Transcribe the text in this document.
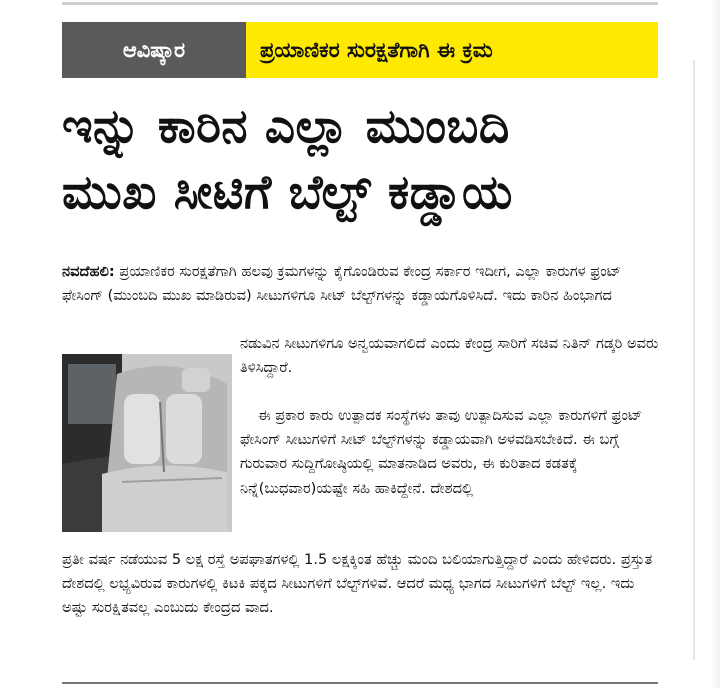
ಆವಿಷ್ಕಾರ	ಪ್ರಯಾಣಿಕರ ಸುರಕ್ಷತೆಗಾಗಿ ಈ ಕ್ರಮ
ಇನ್ನು ಕಾರಿನ ಎಲ್ಲಾ ಮುಂಬದಿ
ಮುಖ ಸೀಟಿಗೆ ಬೆಲ್ಟ್ ಕಡ್ಡಾಯ

ನವದೆಹಲಿ: ಪ್ರಯಾಣಿಕರ ಸುರಕ್ಷತೆಗಾಗಿ ಹಲವು ಕ್ರಮಗಳನ್ನು ಕೈಗೊಂಡಿರುವ ಕೇಂದ್ರ ಸರ್ಕಾರ ಇದೀಗ, ಎಲ್ಲಾ ಕಾರುಗಳ ಫ್ರಂಟ್ ಫೇಸಿಂಗ್ (ಮುಂಬದಿ ಮುಖ ಮಾಡಿರುವ) ಸೀಟುಗಳಿಗೂ ಸೀಟ್ ಬೆಲ್ಟ್‌ಗಳನ್ನು ಕಡ್ಡಾಯಗೊಳಿಸಿದೆ. ಇದು ಕಾರಿನ ಹಿಂಭಾಗದ

ನಡುವಿನ ಸೀಟುಗಳಿಗೂ ಅನ್ವಯವಾಗಲಿದೆ ಎಂದು ಕೇಂದ್ರ ಸಾರಿಗೆ ಸಚಿವ ನಿತಿನ್ ಗಡ್ಕರಿ ಅವರು ತಿಳಿಸಿದ್ದಾರೆ.

ಈ ಪ್ರಕಾರ ಕಾರು ಉತ್ಪಾದಕ ಸಂಸ್ಥೆಗಳು ತಾವು ಉತ್ಪಾದಿಸುವ ಎಲ್ಲಾ ಕಾರುಗಳಿಗೆ ಫ್ರಂಟ್ ಫೇಸಿಂಗ್ ಸೀಟುಗಳಿಗೆ ಸೀಟ್ ಬೆಲ್ಟ್‌ಗಳನ್ನು ಕಡ್ಡಾಯವಾಗಿ ಅಳವಡಿಸಬೇಕಿದೆ. ಈ ಬಗ್ಗೆ ಗುರುವಾರ ಸುದ್ದಿಗೋಷ್ಠಿಯಲ್ಲಿ ಮಾತನಾಡಿದ ಅವರು, ಈ ಕುರಿತಾದ ಕಡತಕ್ಕೆ ನಿನ್ನೆ(ಬುಧವಾರ)ಯಷ್ಟೇ ಸಹಿ ಹಾಕಿದ್ದೇನೆ. ದೇಶದಲ್ಲಿ

ಪ್ರತೀ ವರ್ಷ ನಡೆಯುವ 5 ಲಕ್ಷ ರಸ್ತೆ ಅಪಘಾತಗಳಲ್ಲಿ 1.5 ಲಕ್ಷಕ್ಕಿಂತ ಹೆಚ್ಚು ಮಂದಿ ಬಲಿಯಾಗುತ್ತಿದ್ದಾರೆ ಎಂದು ಹೇಳಿದರು. ಪ್ರಸ್ತುತ ದೇಶದಲ್ಲಿ ಲಭ್ಯವಿರುವ ಕಾರುಗಳಲ್ಲಿ ಕಿಟಕಿ ಪಕ್ಕದ ಸೀಟುಗಳಿಗೆ ಬೆಲ್ಟ್‌ಗಳಿವೆ. ಆದರೆ ಮಧ್ಯ ಭಾಗದ ಸೀಟುಗಳಿಗೆ ಬೆಲ್ಟ್ ಇಲ್ಲ. ಇದು ಅಷ್ಟು ಸುರಕ್ಷಿತವಲ್ಲ ಎಂಬುದು ಕೇಂದ್ರದ ವಾದ.
